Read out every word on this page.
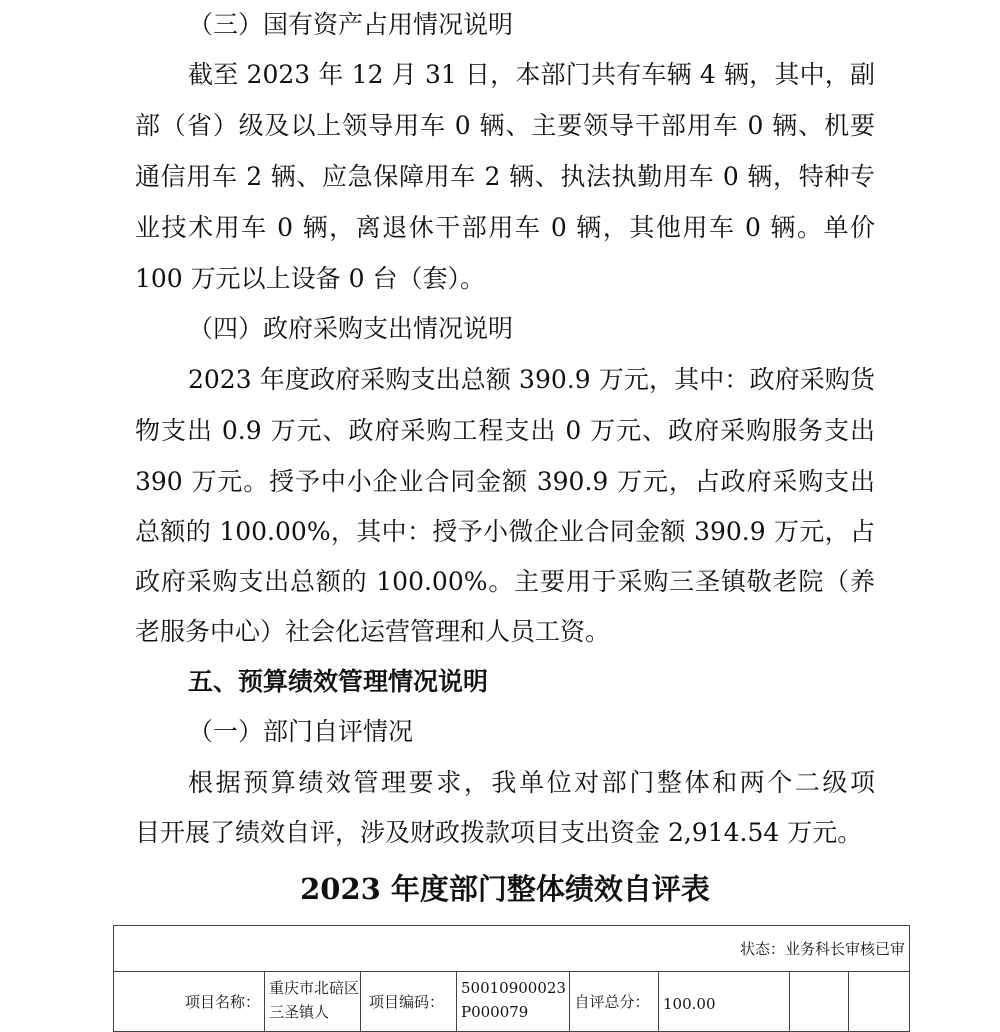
（三）国有资产占用情况说明
截至 2023 年 12 月 31 日，本部门共有车辆 4 辆，其中，副
部（省）级及以上领导用车 0 辆、主要领导干部用车 0 辆、机要
通信用车 2 辆、应急保障用车 2 辆、执法执勤用车 0 辆，特种专
业技术用车 0 辆，离退休干部用车 0 辆，其他用车 0 辆。单价
100 万元以上设备 0 台（套）。
（四）政府采购支出情况说明
2023 年度政府采购支出总额 390.9 万元，其中：政府采购货
物支出 0.9 万元、政府采购工程支出 0 万元、政府采购服务支出
390 万元。授予中小企业合同金额 390.9 万元，占政府采购支出
总额的 100.00%，其中：授予小微企业合同金额 390.9 万元，占
政府采购支出总额的 100.00%。主要用于采购三圣镇敬老院（养
老服务中心）社会化运营管理和人员工资。
五、预算绩效管理情况说明
（一）部门自评情况
根据预算绩效管理要求，我单位对部门整体和两个二级项
目开展了绩效自评，涉及财政拨款项目支出资金 2,914.54 万元。
2023 年度部门整体绩效自评表
状态：业务科长审核已审
项目名称：	重庆市北碚区三圣镇人	项目编码：	50010900023P000079	自评总分：	100.00		
